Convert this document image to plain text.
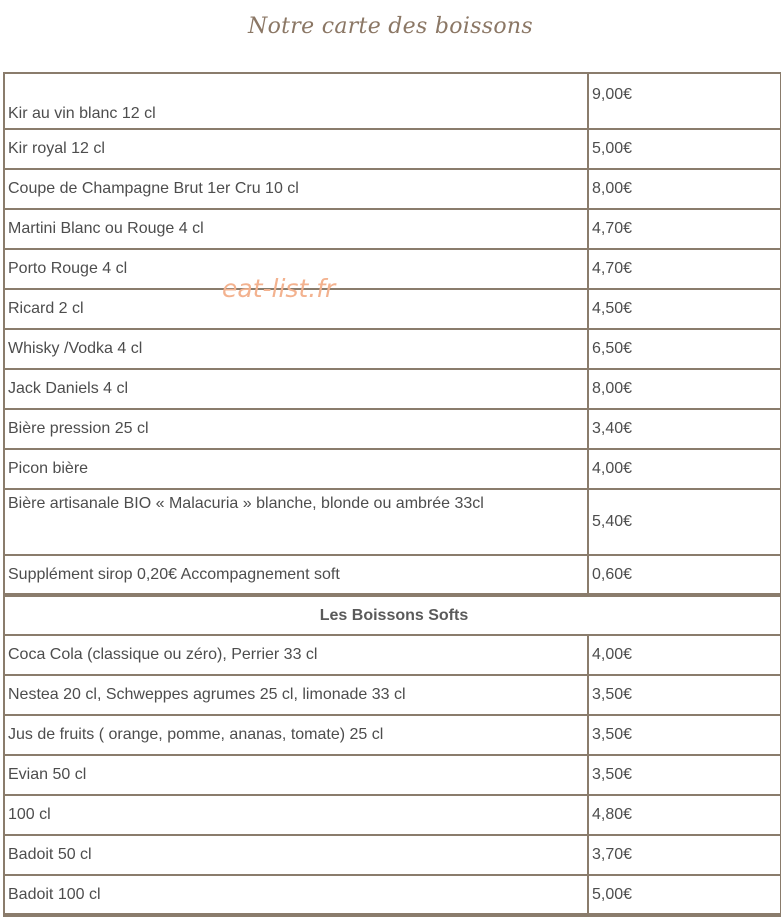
Notre carte des boissons
Kir au vin blanc 12 cl	9,00€
Kir royal 12 cl	5,00€
Coupe de Champagne Brut 1er Cru 10 cl	8,00€
Martini Blanc ou Rouge 4 cl	4,70€
Porto Rouge 4 cl	4,70€
Ricard 2 cl	4,50€
Whisky /Vodka 4 cl	6,50€
Jack Daniels 4 cl	8,00€
Bière pression 25 cl	3,40€
Picon bière	4,00€
Bière artisanale BIO « Malacuria » blanche, blonde ou ambrée 33cl	5,40€
Supplément sirop 0,20€ Accompagnement soft	0,60€
Les Boissons Softs	
Coca Cola (classique ou zéro), Perrier 33 cl	4,00€
Nestea 20 cl, Schweppes agrumes 25 cl, limonade 33 cl	3,50€
Jus de fruits ( orange, pomme, ananas, tomate) 25 cl	3,50€
Evian 50 cl	3,50€
100 cl	4,80€
Badoit 50 cl	3,70€
Badoit 100 cl	5,00€
eat-list.fr
